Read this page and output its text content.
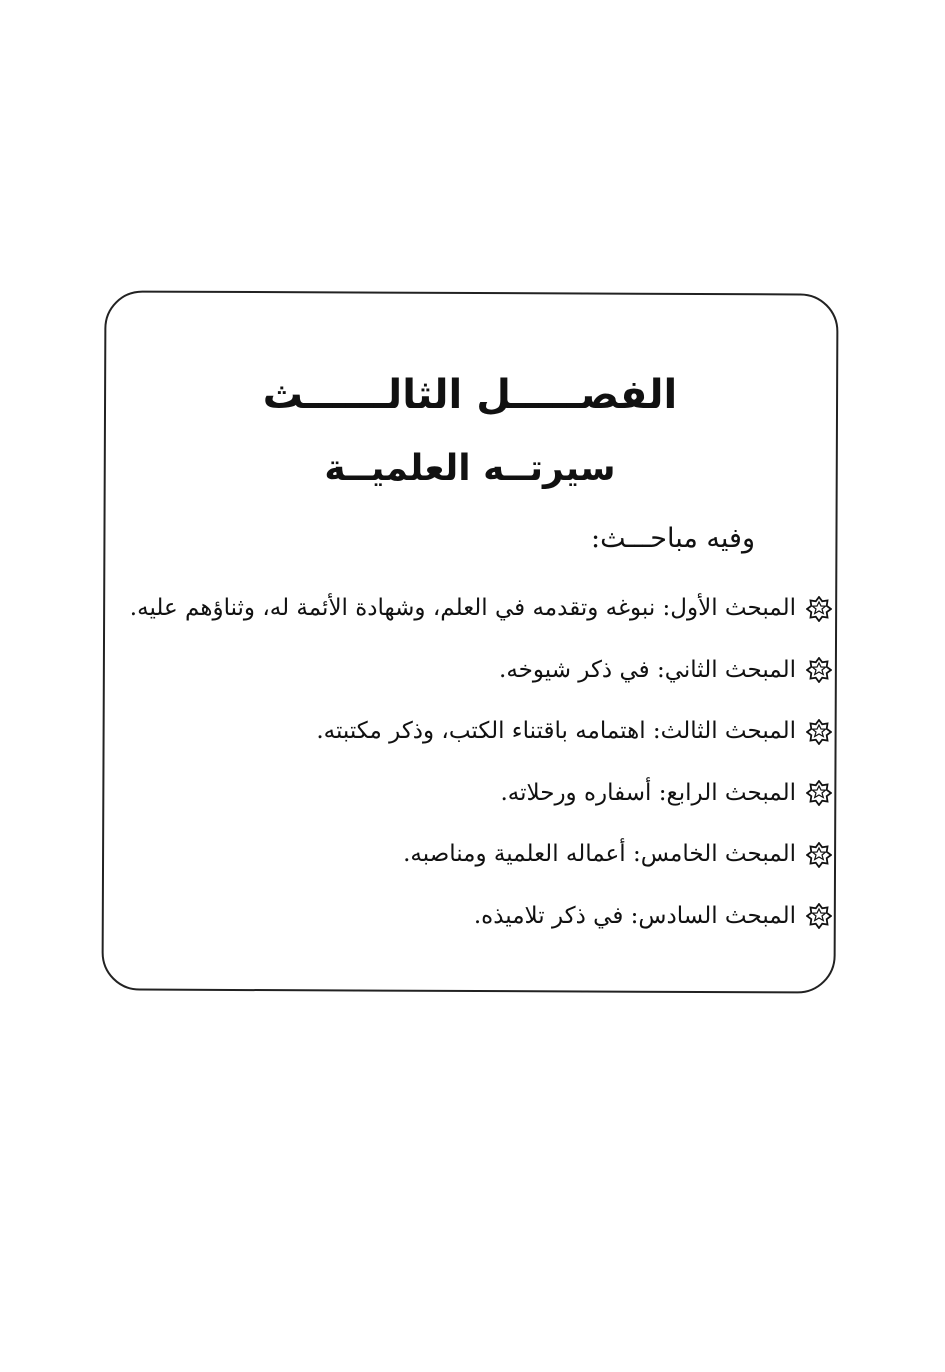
الفصـــــل الثالــــــث
سيرتــه العلميــة

وفيه مباحـــث:

المبحث الأول: نبوغه وتقدمه في العلم، وشهادة الأئمة له، وثناؤهم عليه.
المبحث الثاني: في ذكر شيوخه.
المبحث الثالث: اهتمامه باقتناء الكتب، وذكر مكتبته.
المبحث الرابع: أسفاره ورحلاته.
المبحث الخامس: أعماله العلمية ومناصبه.
المبحث السادس: في ذكر تلاميذه.
